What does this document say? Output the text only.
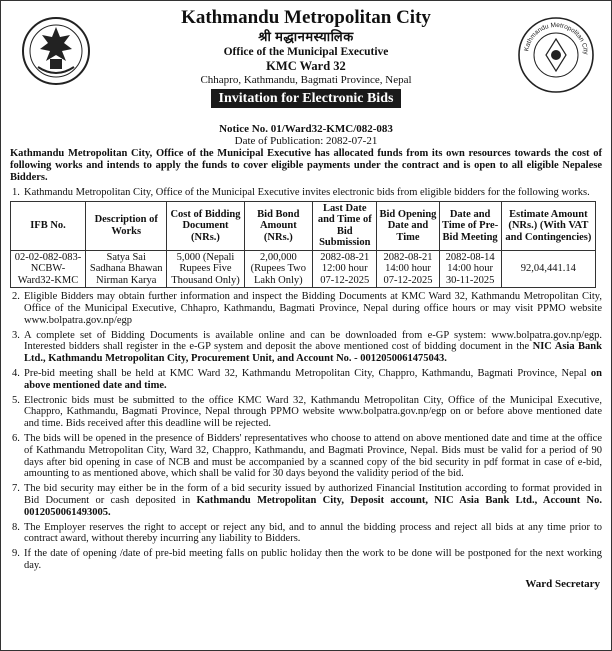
Kathmandu Metropolitan City
Kathmandu Metropolitan City
श्री मद्धानमस्यालिक
Office of the Municipal Executive
KMC Ward 32
Chhapro, Kathmandu, Bagmati Province, Nepal
Invitation for Electronic Bids
Notice No. 01/Ward32-KMC/082-083
Date of Publication: 2082-07-21

Kathmandu Metropolitan City, Office of the Municipal Executive has allocated funds from its own resources towards the cost of following works and intends to apply the funds to cover eligible payments under the contract and is open to all eligible Nepalese Bidders.

1. Kathmandu Metropolitan City, Office of the Municipal Executive invites electronic bids from eligible bidders for the following works.
IFB No.	Description of Works	Cost of Bidding Document (NRs.)	Bid Bond Amount (NRs.)	Last Date and Time of Bid Submission	Bid Opening Date and Time	Date and Time of Pre-Bid Meeting	Estimate Amount (NRs.) (With VAT and Contingencies)
02-02-082-083-NCBW-Ward32-KMC	Satya Sai Sadhana Bhawan Nirman Karya	5,000 (Nepali Rupees Five Thousand Only)	2,00,000 (Rupees Two Lakh Only)	2082-08-21 12:00 hour 07-12-2025	2082-08-21 14:00 hour 07-12-2025	2082-08-14 14:00 hour 30-11-2025	92,04,441.14
2. Eligible Bidders may obtain further information and inspect the Bidding Documents at KMC Ward 32, Kathmandu Metropolitan City, Office of the Municipal Executive, Chhapro, Kathmandu, Bagmati Province, Nepal during office hours or may visit PPMO website www.bolpatra.gov.np/egp
3. A complete set of Bidding Documents is available online and can be downloaded from e-GP system: www.bolpatra.gov.np/egp. Interested bidders shall register in the e-GP system and deposit the above mentioned cost of bidding document in the NIC Asia Bank Ltd., Kathmandu Metropolitan City, Procurement Unit, and Account No. - 0012050061475043.
4. Pre-bid meeting shall be held at KMC Ward 32, Kathmandu Metropolitan City, Chappro, Kathmandu, Bagmati Province, Nepal on above mentioned date and time.
5. Electronic bids must be submitted to the office KMC Ward 32, Kathmandu Metropolitan City, Office of the Municipal Executive, Chappro, Kathmandu, Bagmati Province, Nepal through PPMO website www.bolpatra.gov.np/egp on or before above mentioned date and time. Bids received after this deadline will be rejected.
6. The bids will be opened in the presence of Bidders' representatives who choose to attend on above mentioned date and time at the office of Kathmandu Metropolitan City, Ward 32, Chappro, Kathmandu, and Bagmati Province, Nepal. Bids must be valid for a period of 90 days after bid opening in case of NCB and must be accompanied by a scanned copy of the bid security in pdf format in case of e-bid, amounting to as mentioned above, which shall be valid for 30 days beyond the validity period of the bid.
7. The bid security may either be in the form of a bid security issued by authorized Financial Institution according to format provided in Bid Document or cash deposited in Kathmandu Metropolitan City, Deposit account, NIC Asia Bank Ltd., Account No. 0012050061493005.
8. The Employer reserves the right to accept or reject any bid, and to annul the bidding process and reject all bids at any time prior to contract award, without thereby incurring any liability to Bidders.
9. If the date of opening /date of pre-bid meeting falls on public holiday then the work to be done will be postponed for the next working day.
Ward Secretary
